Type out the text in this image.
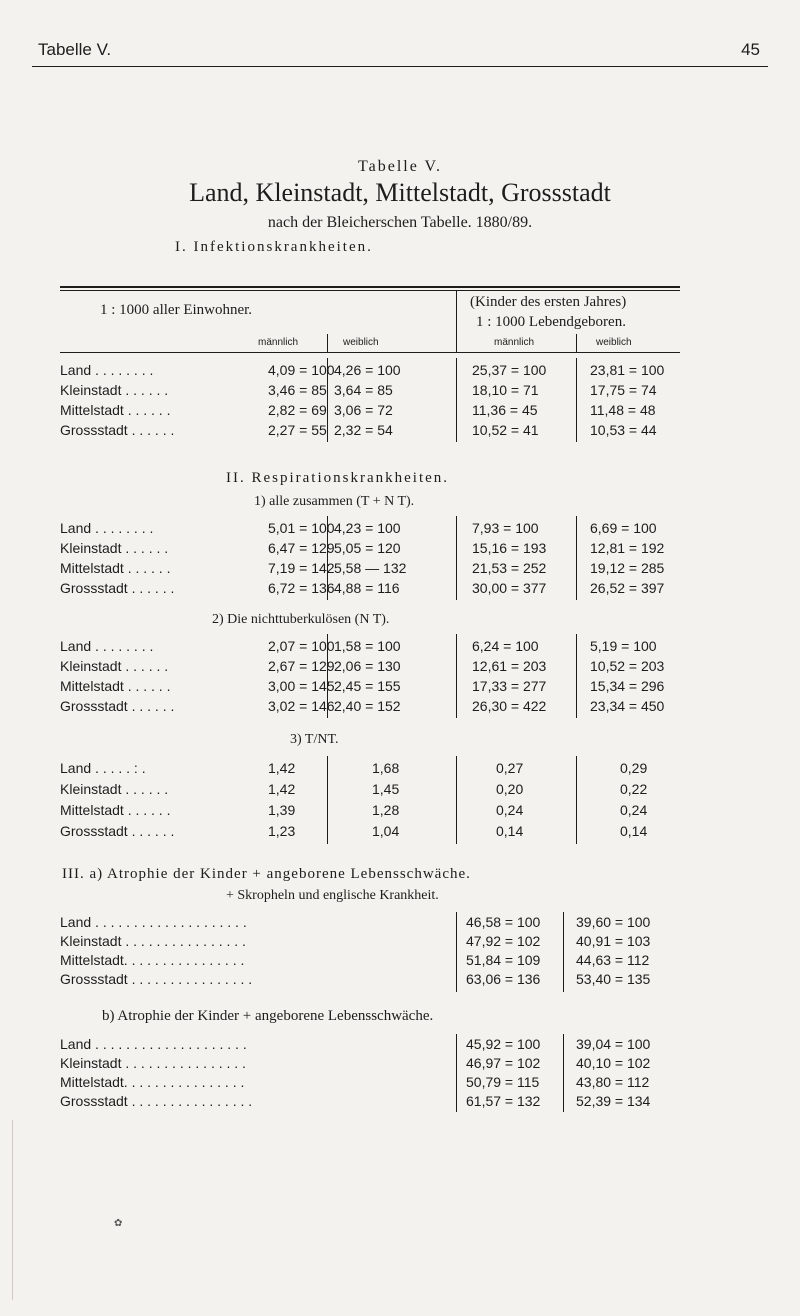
Tabelle V.	45
Tabelle V.
Land, Kleinstadt, Mittelstadt, Grossstadt
nach der Bleicherschen Tabelle. 1880/89.
I. Infektionskrankheiten.
1 : 1000 aller Einwohner.	(Kinder des ersten Jahres)
1 : 1000 Lebendgeboren.
männlich	weiblich	männlich	weiblich
II. Respirationskrankheiten.
1) alle zusammen (T + N T).
2) Die nichttuberkulösen (N T).
3) T/NT.
III. a) Atrophie der Kinder + angeborene Lebensschwäche.
+ Skropheln und englische Krankheit.
b) Atrophie der Kinder + angeborene Lebensschwäche.
✿
Land . . . . . . . .	4,09 = 100 4,26 = 100	25,37 = 100	23,81 = 100
Kleinstadt . . . . . .	3,46 = 85 3,64 = 85	18,10 = 71	17,75 = 74
Mittelstadt . . . . . .	2,82 = 69 3,06 = 72	11,36 = 45	11,48 = 48
Grossstadt . . . . . .	2,27 = 55 2,32 = 54	10,52 = 41	10,53 = 44
Land . . . . . . . .	5,01 = 100 4,23 = 100	7,93 = 100	6,69 = 100
Kleinstadt . . . . . .	6,47 = 129 5,05 = 120	15,16 = 193	12,81 = 192
Mittelstadt . . . . . .	7,19 = 142 5,58 — 132	21,53 = 252	19,12 = 285
Grossstadt . . . . . .	6,72 = 136 4,88 = 116	30,00 = 377	26,52 = 397
Land . . . . . . . .	2,07 = 100 1,58 = 100	6,24 = 100	5,19 = 100
Kleinstadt . . . . . .	2,67 = 129 2,06 = 130	12,61 = 203	10,52 = 203
Mittelstadt . . . . . .	3,00 = 145 2,45 = 155	17,33 = 277	15,34 = 296
Grossstadt . . . . . .	3,02 = 146 2,40 = 152	26,30 = 422	23,34 = 450
Land . . . . . : .	1,42	1,68	0,27	0,29
Kleinstadt . . . . . .	1,42	1,45	0,20	0,22
Mittelstadt . . . . . .	1,39	1,28	0,24	0,24
Grossstadt . . . . . .	1,23	1,04	0,14	0,14
Land . . . . . . . . . . . . . . . . . . . .	46,58 = 100	39,60 = 100
Kleinstadt . . . . . . . . . . . . . . . .	47,92 = 102	40,91 = 103
Mittelstadt. . . . . . . . . . . . . . . .	51,84 = 109	44,63 = 112
Grossstadt . . . . . . . . . . . . . . . .	63,06 = 136	53,40 = 135
Land . . . . . . . . . . . . . . . . . . . .	45,92 = 100	39,04 = 100
Kleinstadt . . . . . . . . . . . . . . . .	46,97 = 102	40,10 = 102
Mittelstadt. . . . . . . . . . . . . . . .	50,79 = 115	43,80 = 112
Grossstadt . . . . . . . . . . . . . . . .	61,57 = 132	52,39 = 134
